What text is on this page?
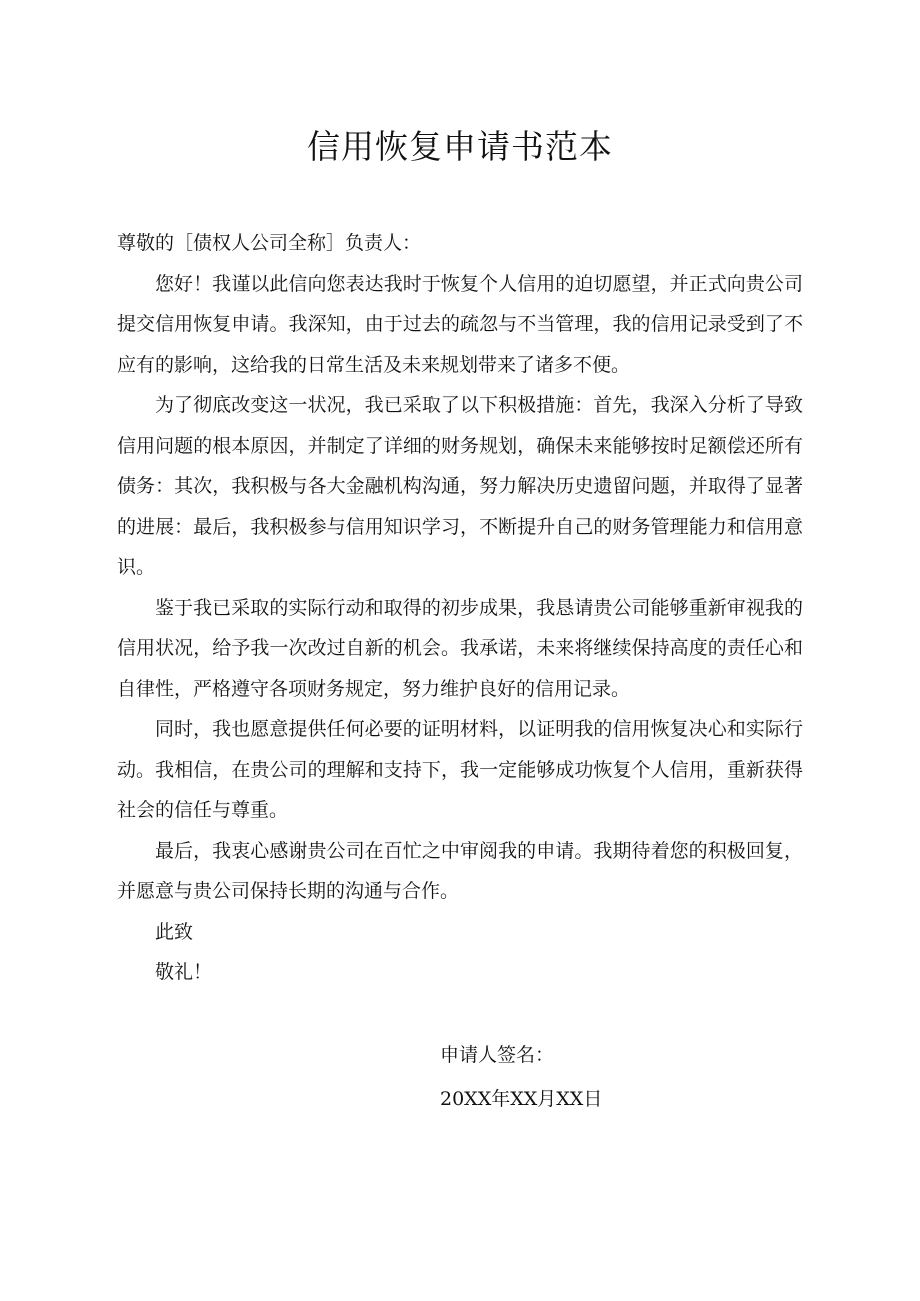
信用恢复申请书范本

尊敬的［债权人公司全称］负责人：

您好！我谨以此信向您表达我时于恢复个人信用的迫切愿望，并正式向贵公司提交信用恢复申请。我深知，由于过去的疏忽与不当管理，我的信用记录受到了不应有的影响，这给我的日常生活及未来规划带来了诸多不便。

为了彻底改变这一状况，我已采取了以下积极措施：首先，我深入分析了导致信用问题的根本原因，并制定了详细的财务规划，确保未来能够按时足额偿还所有债务：其次，我积极与各大金融机构沟通，努力解决历史遗留问题，并取得了显著的进展：最后，我积极参与信用知识学习，不断提升自己的财务管理能力和信用意识。

鉴于我已采取的实际行动和取得的初步成果，我恳请贵公司能够重新审视我的信用状况，给予我一次改过自新的机会。我承诺，未来将继续保持高度的责任心和自律性，严格遵守各项财务规定，努力维护良好的信用记录。

同时，我也愿意提供任何必要的证明材料，以证明我的信用恢复决心和实际行动。我相信，在贵公司的理解和支持下，我一定能够成功恢复个人信用，重新获得社会的信任与尊重。

最后，我衷心感谢贵公司在百忙之中审阅我的申请。我期待着您的积极回复，并愿意与贵公司保持长期的沟通与合作。

此致

敬礼！

申请人签名：
20XX年XX月XX日
